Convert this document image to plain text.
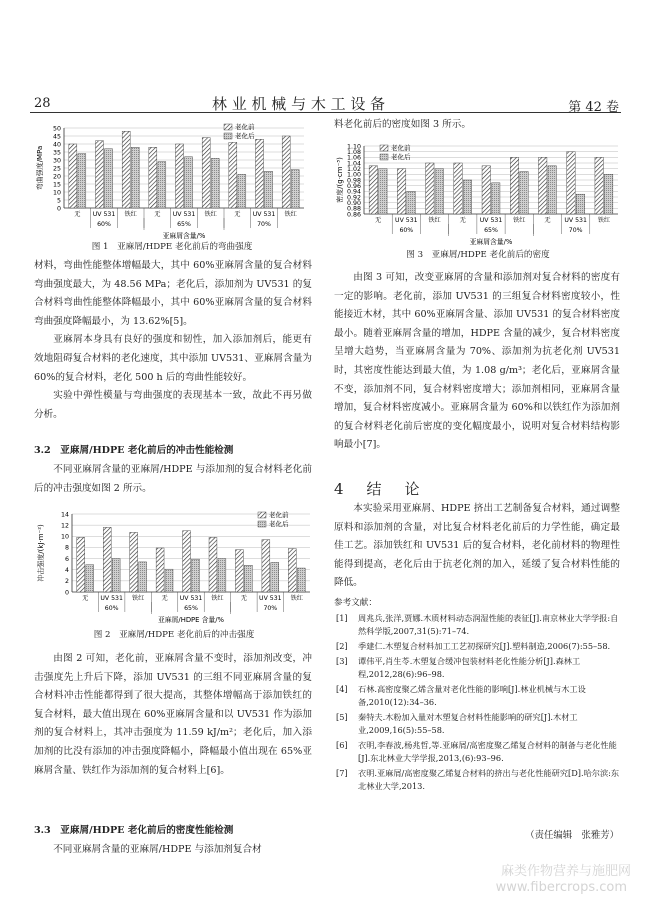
28	林 业 机 械 与 木 工 设 备	第 42 卷
弯曲强度/MPa
0
5
10
15
20
25
30
35
40
45
50
无 UV 531 铁红	无 UV 531 铁红	无 UV 531 铁红
60%	65%	70%
亚麻屑含量/%
老化前
老化后
图 1　亚麻屑/HDPE 老化前后的弯曲强度

材料，弯曲性能整体增幅最大，其中 60%亚麻屑含量的复合材料弯曲强度最大，为 48.56 MPa；老化后，添加剂为 UV531 的复合材料弯曲性能整体降幅最小，其中 60%亚麻屑含量的复合材料弯曲强度降幅最小，为 13.62%[5]。

亚麻屑本身具有良好的强度和韧性，加入添加剂后，能更有效地阻碍复合材料的老化速度，其中添加 UV531、亚麻屑含量为 60%的复合材料，老化 500 h 后的弯曲性能较好。

实验中弹性模量与弯曲强度的表现基本一致，故此不再另做分析。

3.2　亚麻屑/HDPE 老化前后的冲击性能检测
不同亚麻屑含量的亚麻屑/HDPE 与添加剂的复合材料老化前后的冲击强度如图 2 所示。
冲击强度/(kJ·m⁻²)
0
2
4
6
8
10
12
14
无 UV 531 铁红	无 UV 531 铁红	无 UV 531 铁红
60%	65%	70%
亚麻屑/HDPE 含量/%
老化前
老化后
图 2　亚麻屑/HDPE 老化前后的冲击强度
由图 2 可知，老化前，亚麻屑含量不变时，添加剂改变，冲击强度先上升后下降，添加 UV531 的三组不同亚麻屑含量的复合材料冲击性能都得到了很大提高，其整体增幅高于添加铁红的复合材料，最大值出现在 60%亚麻屑含量和以 UV531 作为添加剂的复合材料上，其冲击强度为 11.59 kJ/m²；老化后，加入添加剂的比没有添加的冲击强度降幅小，降幅最小值出现在 65%亚麻屑含量、铁红作为添加剂的复合材料上[6]。
3.3　亚麻屑/HDPE 老化前后的密度性能检测
不同亚麻屑含量的亚麻屑/HDPE 与添加剂复合材
料老化前后的密度如图 3 所示。
密度/(g·cm⁻³)
0.86
0.88
0.90
0.92
0.94
0.96
0.98
1.00
1.02
1.04
1.06
1.08
1.10
无 UV 531 铁红	无 UV 531 铁红	无 UV 531 铁红
60%	65%	70%
亚麻屑含量/%
老化前
老化后
图 3　亚麻屑/HDPE 老化前后的密度
由图 3 可知，改变亚麻屑的含量和添加剂对复合材料的密度有一定的影响。老化前，添加 UV531 的三组复合材料密度较小，性能接近木材，其中 60%亚麻屑含量、添加 UV531 的复合材料密度最小。随着亚麻屑含量的增加，HDPE 含量的减少，复合材料密度呈增大趋势，当亚麻屑含量为 70%、添加剂为抗老化剂 UV531 时，其密度性能达到最大值，为 1.08 g/m³；老化后，亚麻屑含量不变，添加剂不同，复合材料密度增大；添加剂相同，亚麻屑含量增加，复合材料密度减小。亚麻屑含量为 60%和以铁红作为添加剂的复合材料老化前后密度的变化幅度最小，说明对复合材料结构影响最小[7]。
4　结　论
本实验采用亚麻屑、HDPE 挤出工艺制备复合材料，通过调整原料和添加剂的含量，对比复合材料老化前后的力学性能，确定最佳工艺。添加铁红和 UV531 后的复合材料，老化前材料的物理性能得到提高，老化后由于抗老化剂的加入，延缓了复合材料性能的降低。
参考文献：
[1]	周兆兵,张洋,贾娜.木质材料动态润湿性能的表征[J].南京林业大学学报:自然科学版,2007,31(5):71–74.
[2]	季建仁.木塑复合材料加工工艺初探研究[J].塑料制造,2006(7):55–58.
[3]	谭伟平,肖生苓.木塑复合缓冲包装材料老化性能分析[J].森林工程,2012,28(6):96–98.
[4]	石林.高密度聚乙烯含量对老化性能的影响[J].林业机械与木工设备,2010(12):34–36.
[5]	秦特夫.木粉加入量对木塑复合材料性能影响的研究[J].木材工业,2009,16(5):55–58.
[6]	衣明,李春波,杨兆哲,等.亚麻屑/高密度聚乙烯复合材料的制备与老化性能[J].东北林业大学学报,2013,(6):93–96.
[7]	衣明.亚麻屑/高密度聚乙烯复合材料的挤出与老化性能研究[D].哈尔滨:东北林业大学,2013.
（责任编辑　张雅芳）
麻类作物营养与施肥网
www.fibercrops.com
